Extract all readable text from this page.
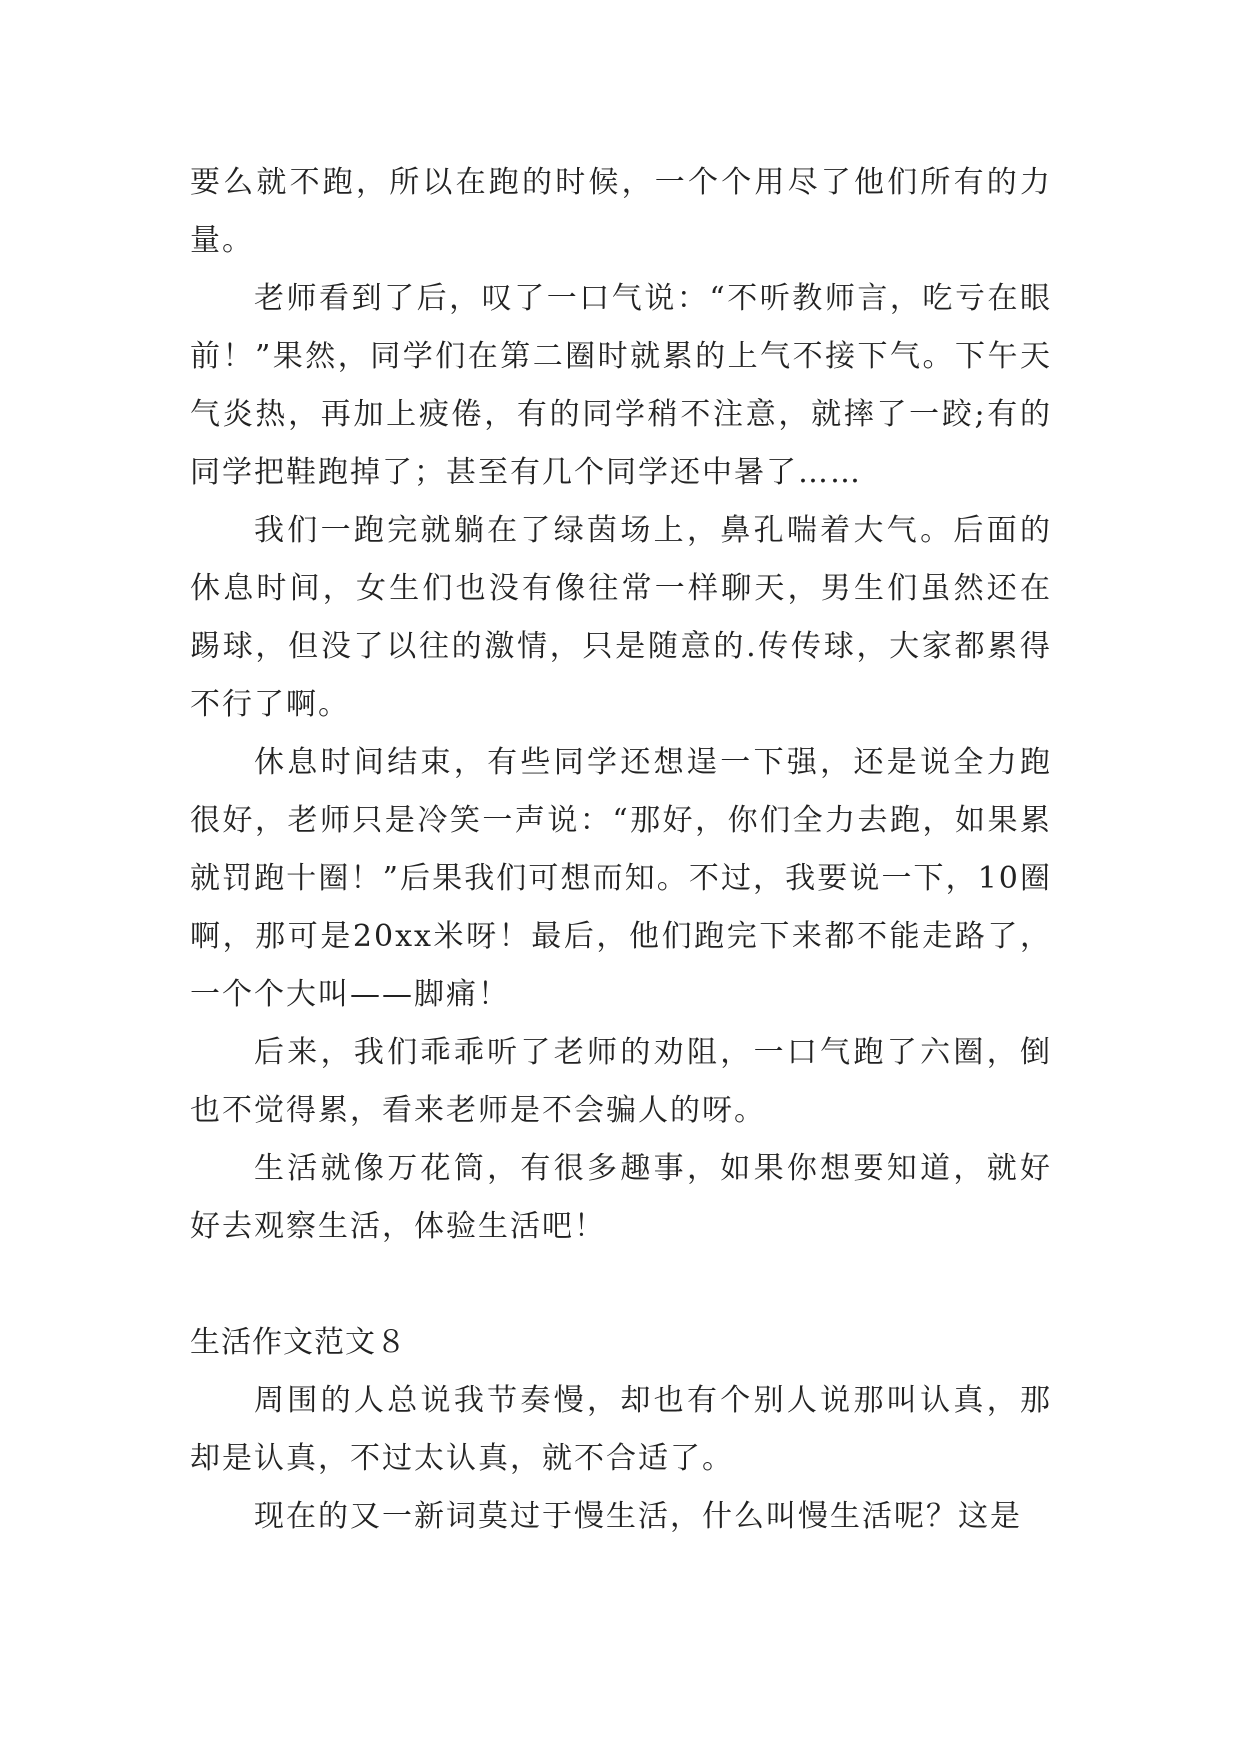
要么就不跑，所以在跑的时候，一个个用尽了他们所有的力量。

老师看到了后，叹了一口气说：“不听教师言，吃亏在眼前！”果然，同学们在第二圈时就累的上气不接下气。下午天气炎热，再加上疲倦，有的同学稍不注意，就摔了一跤;有的同学把鞋跑掉了；甚至有几个同学还中暑了……

我们一跑完就躺在了绿茵场上，鼻孔喘着大气。后面的休息时间，女生们也没有像往常一样聊天，男生们虽然还在踢球，但没了以往的激情，只是随意的.传传球，大家都累得不行了啊。

休息时间结束，有些同学还想逞一下强，还是说全力跑很好，老师只是冷笑一声说：“那好，你们全力去跑，如果累就罚跑十圈！”后果我们可想而知。不过，我要说一下，10圈啊，那可是20xx米呀！最后，他们跑完下来都不能走路了，一个个大叫——脚痛！

后来，我们乖乖听了老师的劝阻，一口气跑了六圈，倒也不觉得累，看来老师是不会骗人的呀。

生活就像万花筒，有很多趣事，如果你想要知道，就好好去观察生活，体验生活吧！

生活作文范文８

周围的人总说我节奏慢，却也有个别人说那叫认真，那却是认真，不过太认真，就不合适了。

现在的又一新词莫过于慢生活，什么叫慢生活呢？这是
